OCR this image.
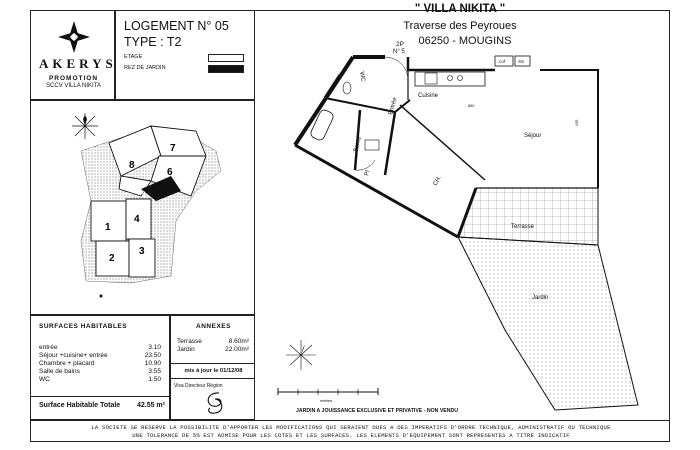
AKERYS
PROMOTION
SCCV VILLA NIKITA
LOGEMENT N° 05
TYPE : T2
ETAGE
REZ DE JARDIN
" VILLA NIKITA "
Traverse des Peyroues
06250 - MOUGINS
2P
N° 5
1
2
3
4
5
6
7
8
SURFACES HABITABLES
entrée	3.10
Séjour +cuisine+ entrée	23.50
Chambre + placard	10.90
Salle de bains	3.55
WC	1.50
Surface Habitable Totale	42.55 m²
ANNEXES
Terrasse	8.60m²
Jardin	22.00m²
mis à jour le 01/12/08
Visa Directeur Région
WC
Entrée
Cuisine
Séjour
Bains
Pl
CH.
Terrasse
Jardin
cof	SS
850
435
mètres
JARDIN A JOUISSANCE EXCLUSIVE ET PRIVATIVE - NON VENDU
LA SOCIETE SE RESERVE LA POSSIBILITE D'APPORTER LES MODIFICATIONS QUI SERAIENT DUES A DES IMPERATIFS D'ORDRE TECHNIQUE, ADMINISTRATIF OU TECHNIQUE
UNE TOLERANCE DE 5% EST ADMISE POUR LES COTES ET LES SURFACES. LES ELEMENTS D'EQUIPEMENT SONT REPRESENTES A TITRE INDICATIF
